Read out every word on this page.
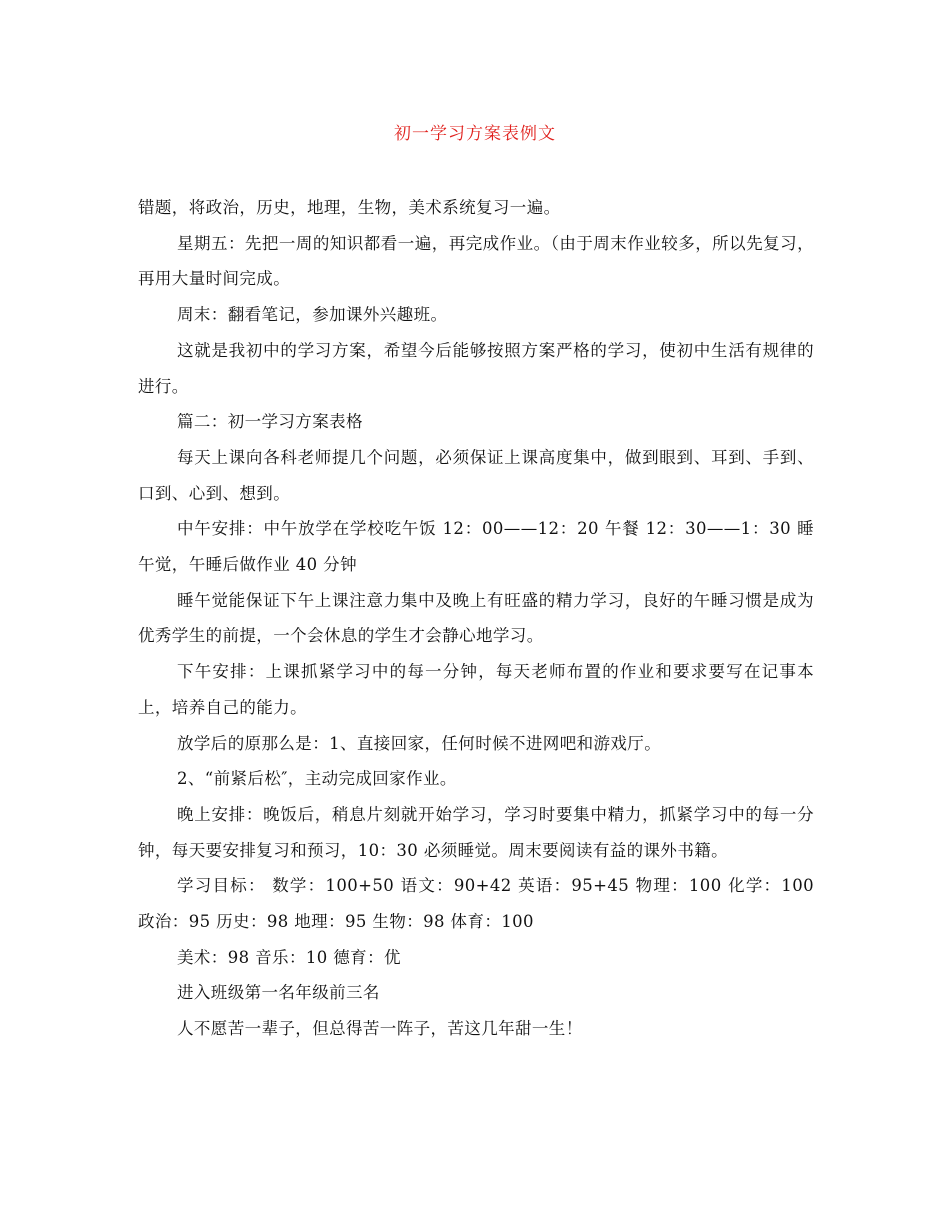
初一学习方案表例文

错题，将政治，历史，地理，生物，美术系统复习一遍。

星期五：先把一周的知识都看一遍，再完成作业。（由于周末作业较多，所以先复习，再用大量时间完成。

周末：翻看笔记，参加课外兴趣班。

这就是我初中的学习方案，希望今后能够按照方案严格的学习，使初中生活有规律的进行。

篇二：初一学习方案表格

每天上课向各科老师提几个问题，必须保证上课高度集中，做到眼到、耳到、手到、口到、心到、想到。

中午安排：中午放学在学校吃午饭 12：00——12：20 午餐 12：30——1：30 睡午觉，午睡后做作业 40 分钟

睡午觉能保证下午上课注意力集中及晚上有旺盛的精力学习，良好的午睡习惯是成为优秀学生的前提，一个会休息的学生才会静心地学习。

下午安排：上课抓紧学习中的每一分钟，每天老师布置的作业和要求要写在记事本上，培养自己的能力。

放学后的原那么是：1、直接回家，任何时候不进网吧和游戏厅。

2、“前紧后松″，主动完成回家作业。

晚上安排：晚饭后，稍息片刻就开始学习，学习时要集中精力，抓紧学习中的每一分钟，每天要安排复习和预习，10：30 必须睡觉。周末要阅读有益的课外书籍。

学习目标： 数学：100+50 语文：90+42 英语：95+45 物理：100 化学：100 政治：95 历史：98 地理：95 生物：98 体育：100

美术：98 音乐：10 德育：优

进入班级第一名年级前三名

人不愿苦一辈子，但总得苦一阵子，苦这几年甜一生！
